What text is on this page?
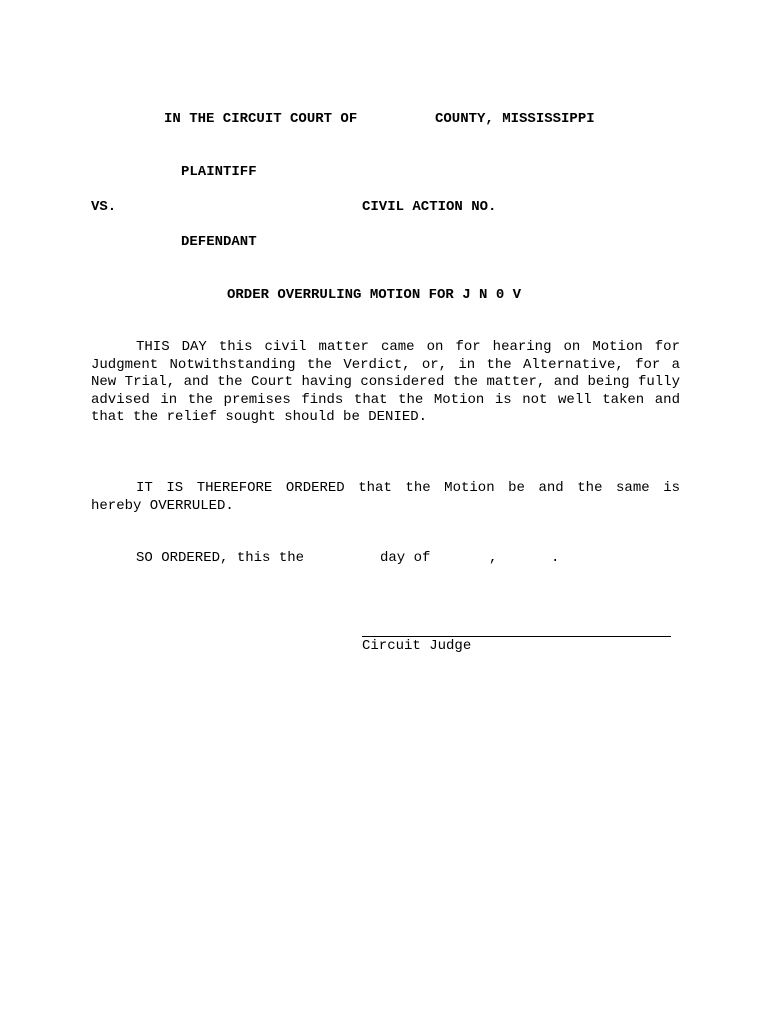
IN THE CIRCUIT COURT OF	COUNTY, MISSISSIPPI
PLAINTIFF
VS.	CIVIL ACTION NO.
DEFENDANT
ORDER OVERRULING MOTION FOR J N 0 V
THIS DAY this civil matter came on for hearing on Motion for Judgment Notwithstanding the Verdict, or, in the Alternative, for a New Trial, and the Court having considered the matter, and being fully advised in the premises finds that the Motion is not well taken and that the relief sought should be DENIED.
IT IS THEREFORE ORDERED that the Motion be and the same is hereby OVERRULED.
SO ORDERED, this the	day of	,	.
Circuit Judge
